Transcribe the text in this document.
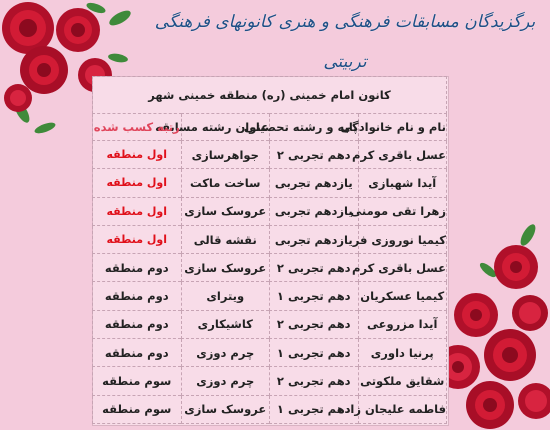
برگزیدگان مسابقات فرهنگی و هنری کانونهای فرهنگی تربیتی
کانون امام خمینی (ره) منطقه خمینی شهر			
نام و نام خانوادگی	پایه و رشته تحصیلی	عنوان رشته مسابقه	رتبه کسب شده
عسل باقری کرم	دهم تجربی ۲	جواهرسازی	اول منطقه
آیدا شهبازی	یازدهم تجربی	ساخت ماکت	اول منطقه
زهرا تقی مومنی	یازدهم تجربی	عروسک سازی	اول منطقه
کیمیا نوروزی فر	یازدهم تجربی	نقشه قالی	اول منطقه
عسل باقری کرم	دهم تجربی ۲	عروسک سازی	دوم منطقه
کیمیا عسکریان	دهم تجربی ۱	ویترای	دوم منطقه
آیدا مزروعی	دهم تجربی ۲	کاشیکاری	دوم منطقه
پرنیا داوری	دهم تجربی ۱	چرم دوزی	دوم منطقه
شقایق ملکوتی	دهم تجربی ۲	چرم دوزی	سوم منطقه
فاطمه علیجان زاده	دهم تجربی ۱	عروسک سازی	سوم منطقه
